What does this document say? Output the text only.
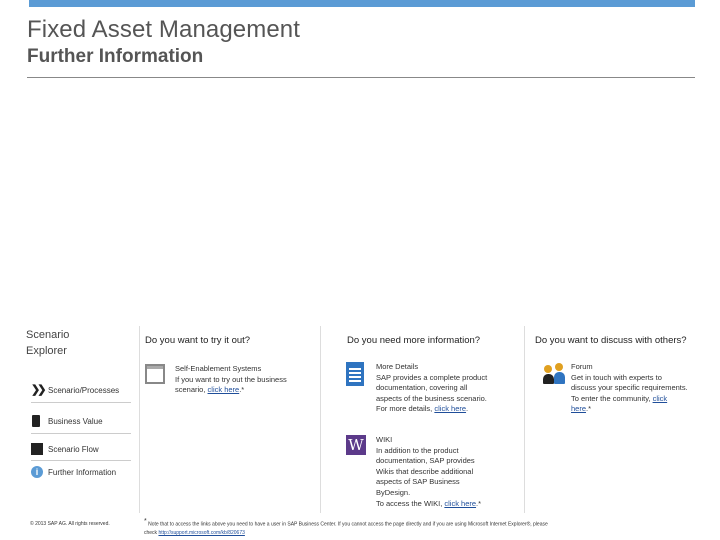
Fixed Asset Management
Further Information
Scenario
Explorer
❯❯ Scenario/Processes
Business Value
Scenario Flow
i	Further Information
© 2013 SAP AG. All rights reserved.
Do you want to try it out?	Do you need more information?	Do you want to discuss with others?
Self-Enablement Systems
If you want to try out the business
scenario, click here.*
More Details
SAP provides a complete product
documentation, covering all
aspects of the business scenario.
For more details, click here.
W	WIKI
In addition to the product
documentation, SAP provides
Wikis that describe additional
aspects of SAP Business
ByDesign.
To access the WIKI, click here.*
Forum
Get in touch with experts to
discuss your specific requirements.
To enter the community, click
here.*
* Note that to access the links above you need to have a user in SAP Business Center. If you cannot access the page directly and if you are using Microsoft Internet Explorer®, please
check http://support.microsoft.com/kb/820673
